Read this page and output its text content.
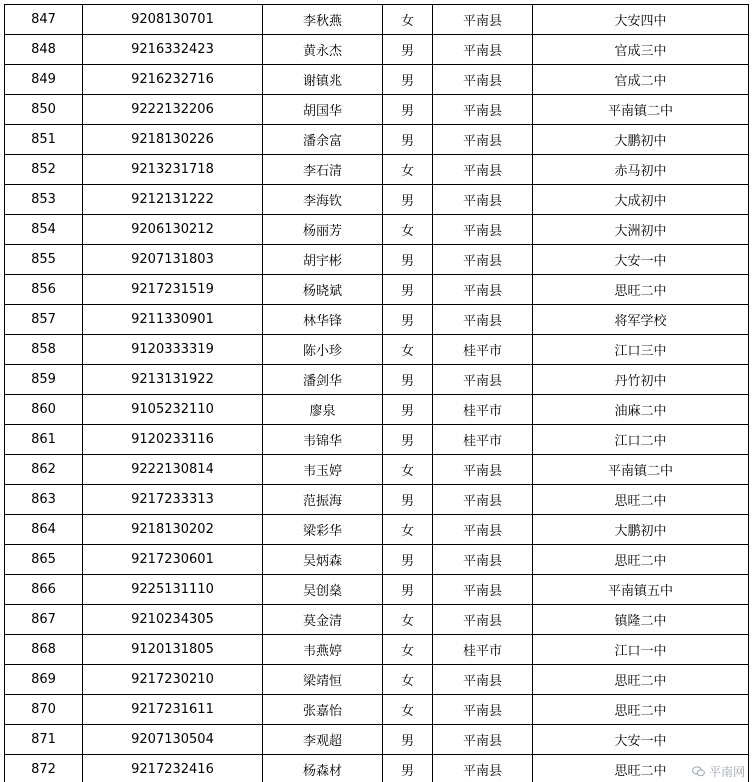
847	9208130701	李秋燕	女	平南县	大安四中
848	9216332423	黄永杰	男	平南县	官成三中
849	9216232716	谢镇兆	男	平南县	官成二中
850	9222132206	胡国华	男	平南县	平南镇二中
851	9218130226	潘余富	男	平南县	大鹏初中
852	9213231718	李石清	女	平南县	赤马初中
853	9212131222	李海钦	男	平南县	大成初中
854	9206130212	杨丽芳	女	平南县	大洲初中
855	9207131803	胡宇彬	男	平南县	大安一中
856	9217231519	杨晓斌	男	平南县	思旺二中
857	9211330901	林华锋	男	平南县	将军学校
858	9120333319	陈小珍	女	桂平市	江口三中
859	9213131922	潘剑华	男	平南县	丹竹初中
860	9105232110	廖泉	男	桂平市	油麻二中
861	9120233116	韦锦华	男	桂平市	江口二中
862	9222130814	韦玉婷	女	平南县	平南镇二中
863	9217233313	范振海	男	平南县	思旺二中
864	9218130202	梁彩华	女	平南县	大鹏初中
865	9217230601	吴炳森	男	平南县	思旺二中
866	9225131110	吴创燊	男	平南县	平南镇五中
867	9210234305	莫金清	女	平南县	镇隆二中
868	9120131805	韦燕婷	女	桂平市	江口一中
869	9217230210	梁靖恒	女	平南县	思旺二中
870	9217231611	张嘉怡	女	平南县	思旺二中
871	9207130504	李观超	男	平南县	大安一中
872	9217232416	杨森材	男	平南县	思旺二中	平南网
